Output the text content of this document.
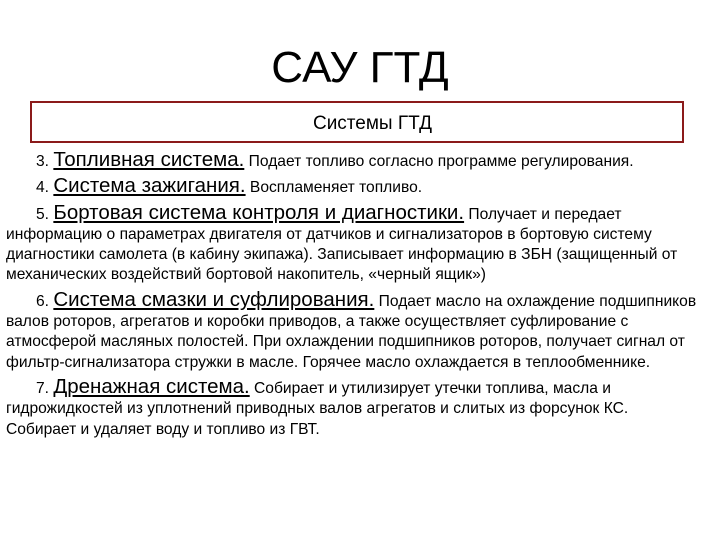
САУ ГТД
Системы ГТД

3. Топливная система. Подает топливо согласно программе регулирования.

4. Система зажигания. Воспламеняет топливо.

5. Бортовая система контроля и диагностики. Получает и передает информацию о параметрах двигателя от датчиков и сигнализаторов в бортовую систему диагностики самолета (в кабину экипажа). Записывает информацию в ЗБН (защищенный от механических воздействий бортовой накопитель, «черный ящик»)

6. Система смазки и суфлирования. Подает масло на охлаждение подшипников валов роторов, агрегатов и коробки приводов, а также осуществляет суфлирование с атмосферой масляных полостей. При охлаждении подшипников роторов, получает сигнал от фильтр-сигнализатора стружки в масле. Горячее масло охлаждается в теплообменнике.

7. Дренажная система. Собирает и утилизирует утечки топлива, масла и гидрожидкостей из уплотнений приводных валов агрегатов и слитых из форсунок КС. Собирает и удаляет воду и топливо из ГВТ.
